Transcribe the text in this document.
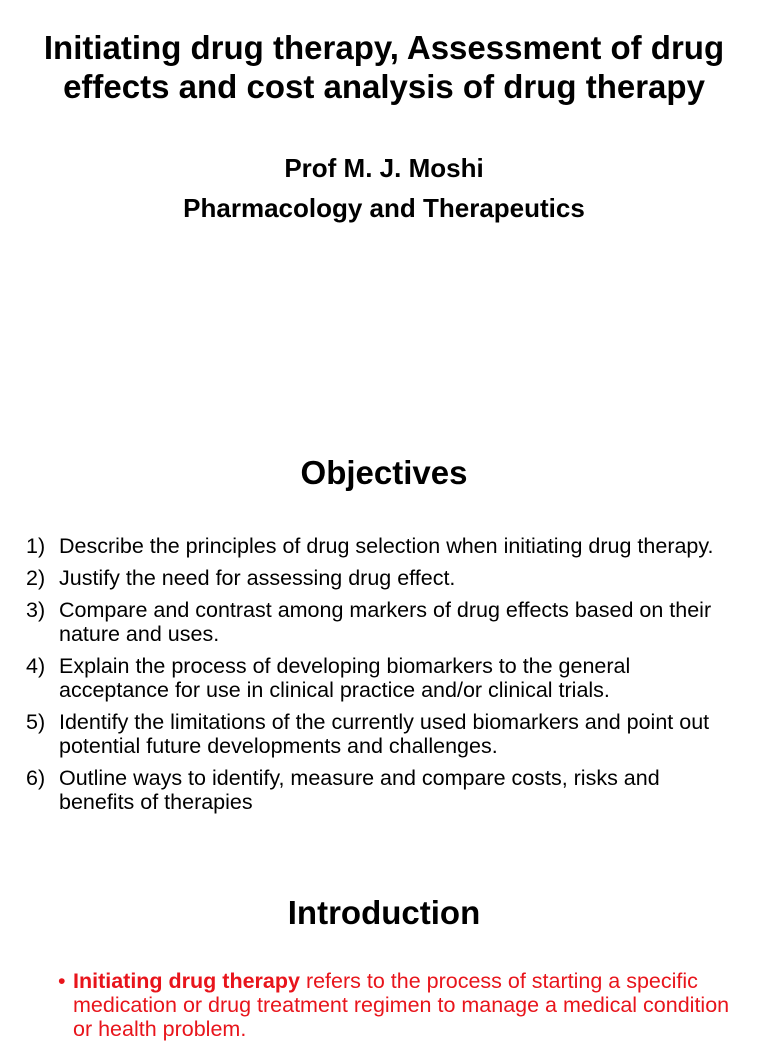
Initiating drug therapy, Assessment of drug effects and cost analysis of drug therapy

Prof M. J. Moshi

Pharmacology and Therapeutics

Objectives
1) Describe the principles of drug selection when initiating drug therapy.
2) Justify the need for assessing drug effect.
3) Compare and contrast among markers of drug effects based on their nature and uses.
4) Explain the process of developing biomarkers to the general acceptance for use in clinical practice and/or clinical trials.
5) Identify the limitations of the currently used biomarkers and point out potential future developments and challenges.
6) Outline ways to identify, measure and compare costs, risks and benefits of therapies
Introduction

• Initiating drug therapy refers to the process of starting a specific medication or drug treatment regimen to manage a medical condition or health problem.
